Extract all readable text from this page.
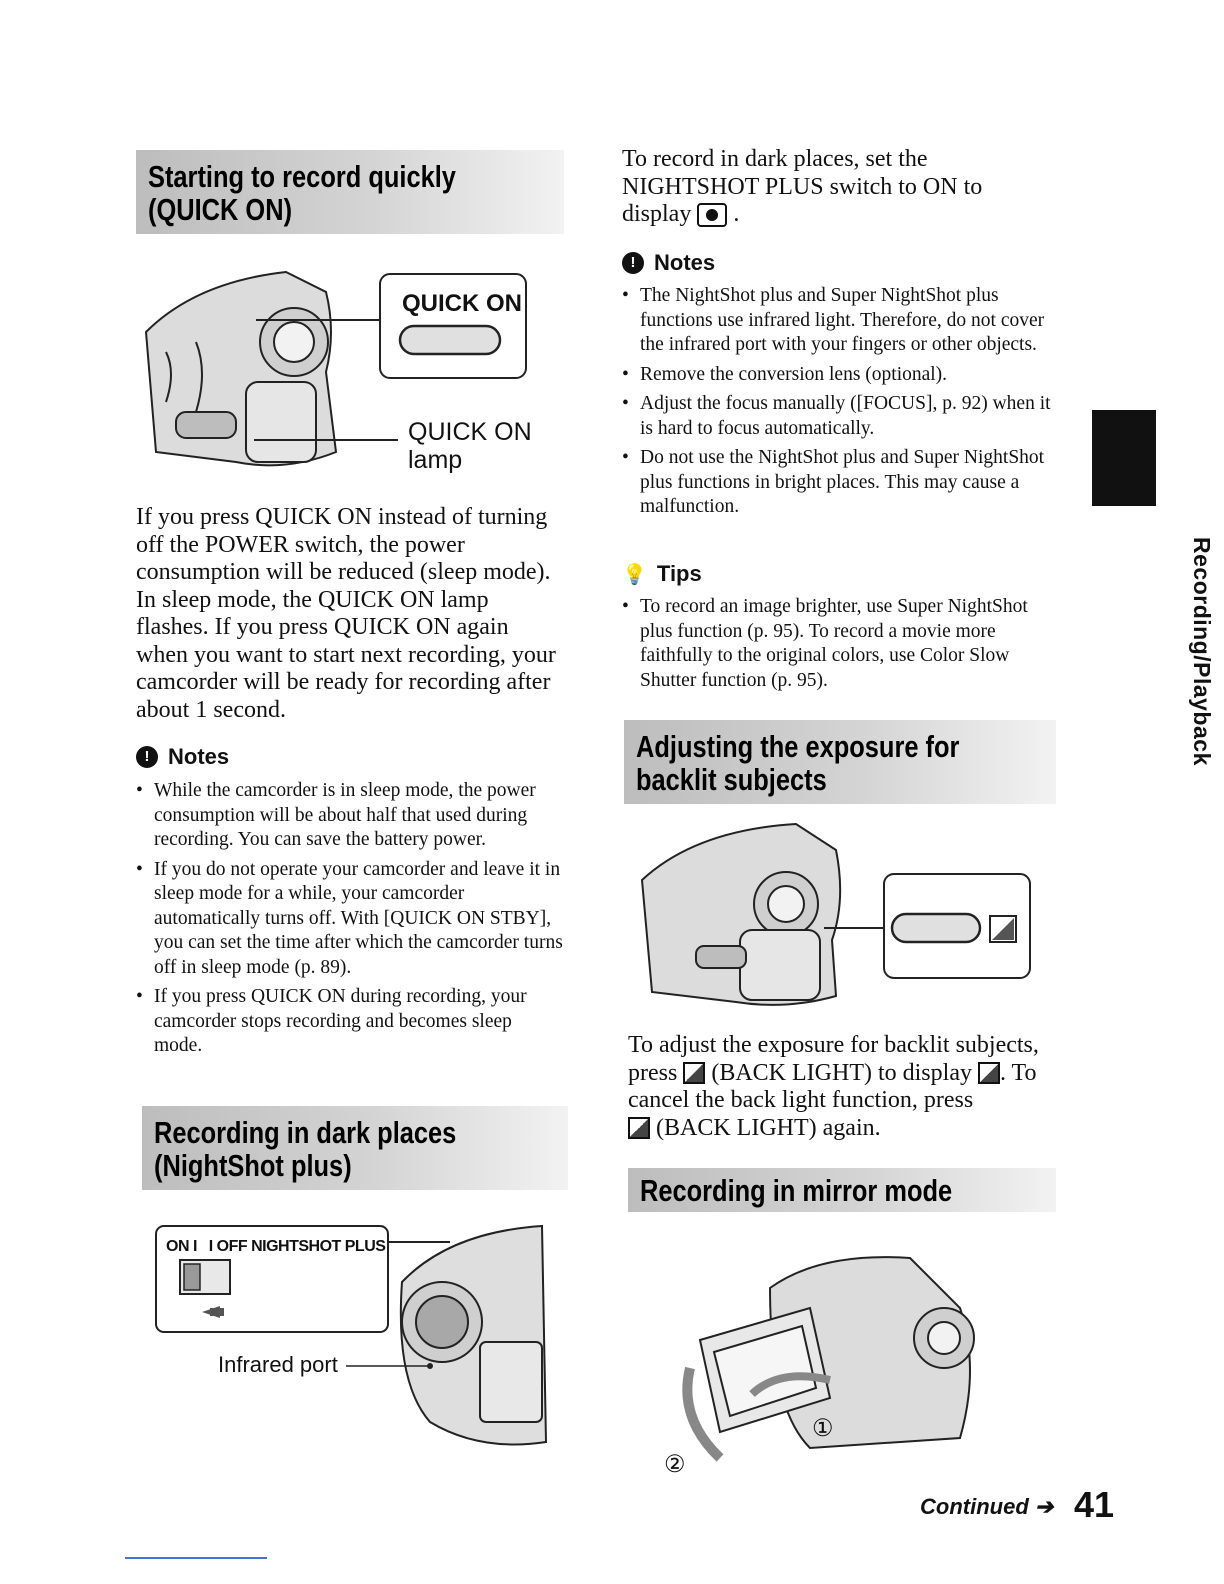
Starting to record quickly
(QUICK ON)
QUICK ON
QUICK ON
lamp
If you press QUICK ON instead of turning off the POWER switch, the power consumption will be reduced (sleep mode). In sleep mode, the QUICK ON lamp flashes. If you press QUICK ON again when you want to start next recording, your camcorder will be ready for recording after about 1 second.
! Notes
• While the camcorder is in sleep mode, the power consumption will be about half that used during recording. You can save the battery power.
• If you do not operate your camcorder and leave it in sleep mode for a while, your camcorder automatically turns off. With [QUICK ON STBY], you can set the time after which the camcorder turns off in sleep mode (p. 89).
• If you press QUICK ON during recording, your camcorder stops recording and becomes sleep mode.
Recording in dark places
(NightShot plus)
ON I   I OFF NIGHTSHOT PLUS
Infrared port
To record in dark places, set the
NIGHTSHOT PLUS switch to ON to
display .
! Notes
• The NightShot plus and Super NightShot plus functions use infrared light. Therefore, do not cover the infrared port with your fingers or other objects.
• Remove the conversion lens (optional).
• Adjust the focus manually ([FOCUS], p. 92) when it is hard to focus automatically.
• Do not use the NightShot plus and Super NightShot plus functions in bright places. This may cause a malfunction.
💡 Tips
• To record an image brighter, use Super NightShot plus function (p. 95). To record a movie more faithfully to the original colors, use Color Slow Shutter function (p. 95).
Adjusting the exposure for
backlit subjects
To adjust the exposure for backlit subjects,
press (BACK LIGHT) to display . To
cancel the back light function, press
(BACK LIGHT) again.
Recording in mirror mode
①
②
Recording/Playback
Continued ➔ 41
